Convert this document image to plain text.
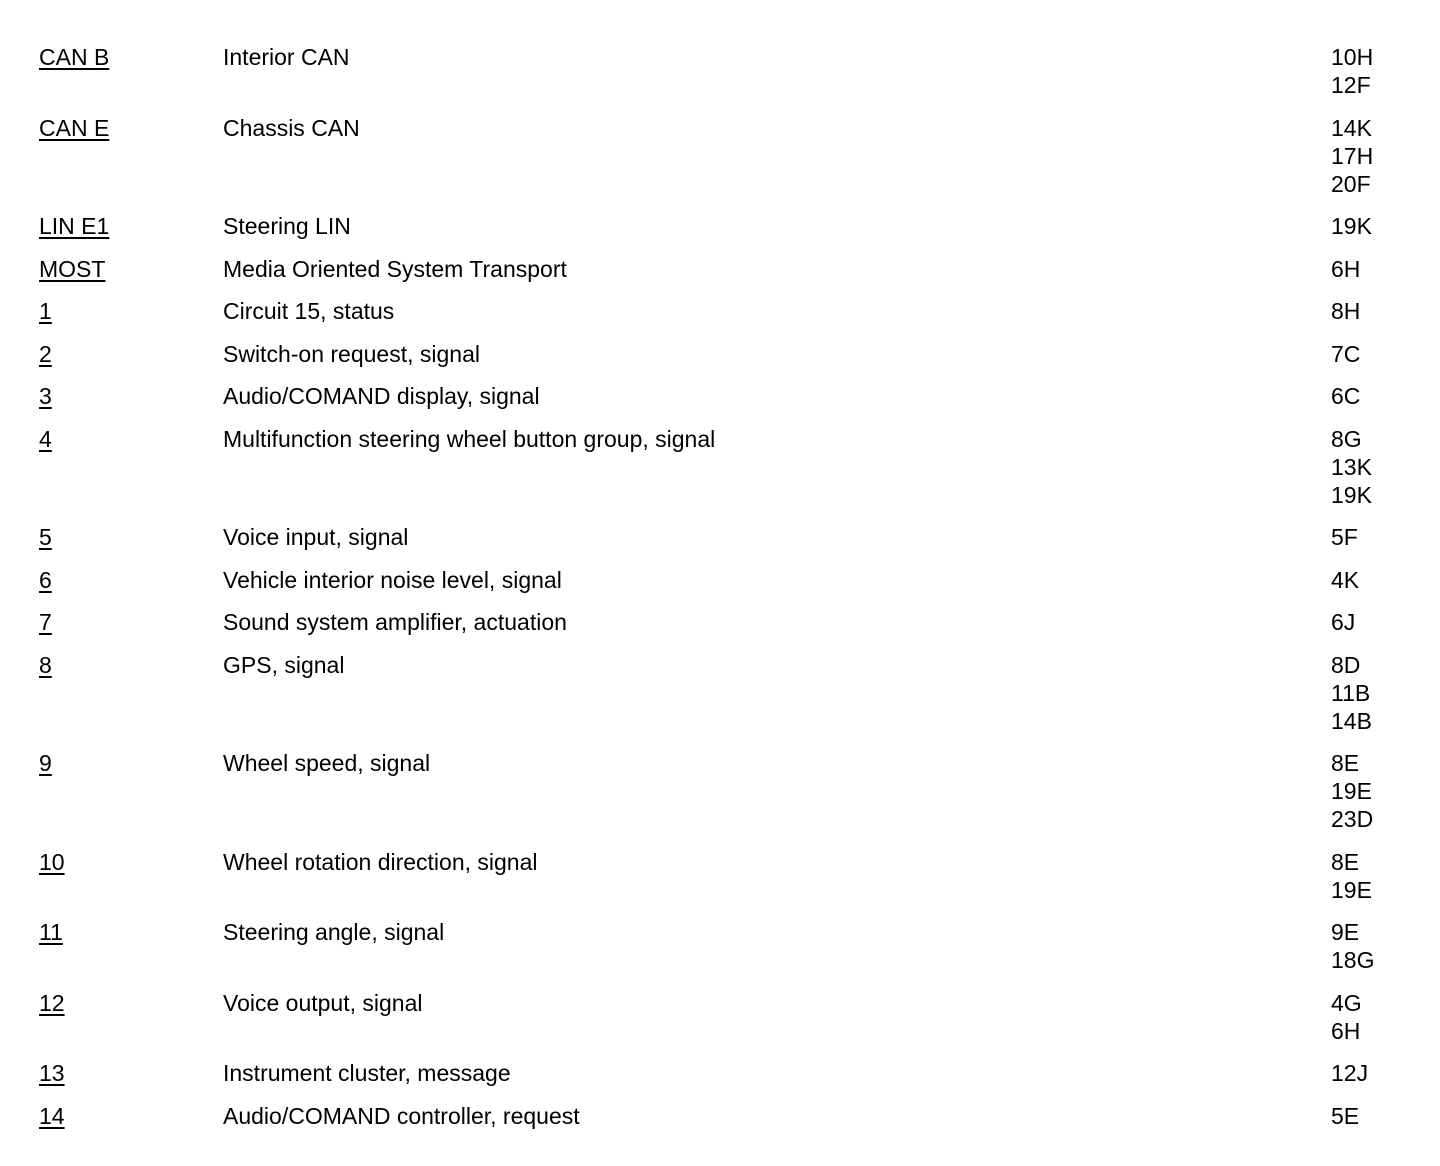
CAN B	Interior CAN	10H
12F
CAN E	Chassis CAN	14K
17H
20F
LIN E1	Steering LIN	19K
MOST	Media Oriented System Transport	6H
1	Circuit 15, status	8H
2	Switch-on request, signal	7C
3	Audio/COMAND display, signal	6C
4	Multifunction steering wheel button group, signal	8G
13K
19K
5	Voice input, signal	5F
6	Vehicle interior noise level, signal	4K
7	Sound system amplifier, actuation	6J
8	GPS, signal	8D
11B
14B
9	Wheel speed, signal	8E
19E
23D
10	Wheel rotation direction, signal	8E
19E
11	Steering angle, signal	9E
18G
12	Voice output, signal	4G
6H
13	Instrument cluster, message	12J
14	Audio/COMAND controller, request	5E
